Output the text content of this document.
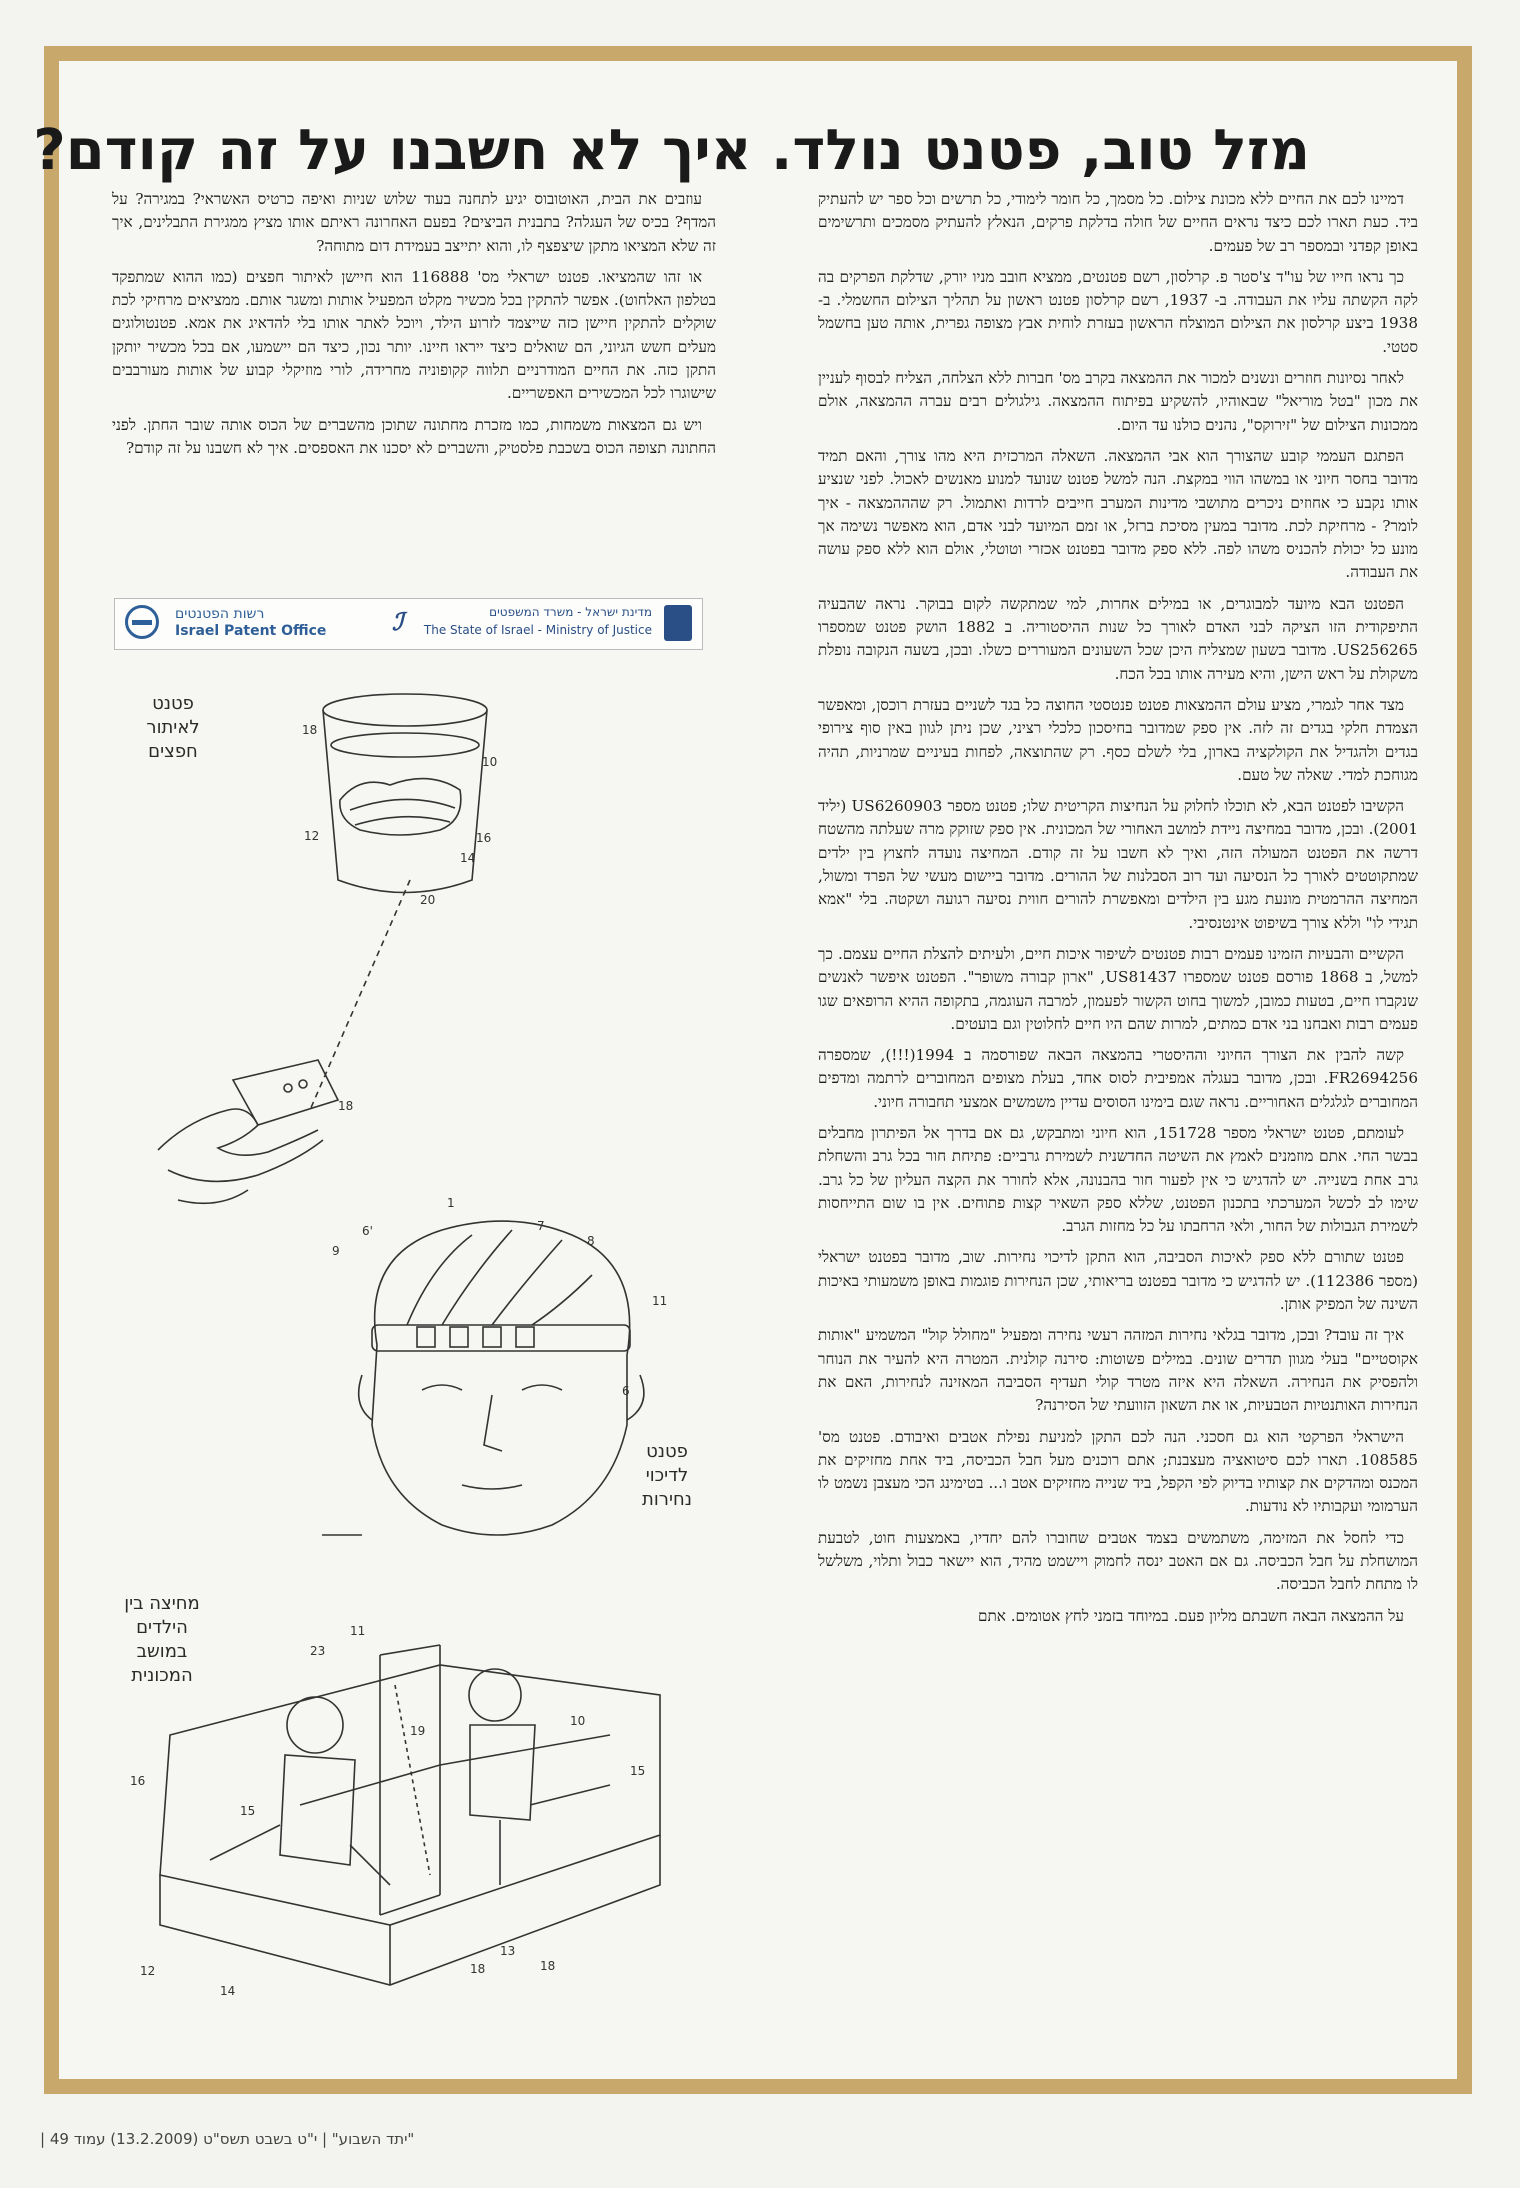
מזל טוב, פטנט נולד. איך לא חשבנו על זה קודם?

דמיינו לכם את החיים ללא מכונת צילום. כל מסמך, כל חומר לימודי, כל תרשים וכל ספר יש להעתיק ביד. כעת תארו לכם כיצד נראים החיים של חולה בדלקת פרקים, הנאלץ להעתיק מסמכים ותרשימים באופן קפדני ובמספר רב של פעמים.

כך נראו חייו של עו"ד צ'סטר פ. קרלסון, רשם פטנטים, ממציא חובב מניו יורק, שדלקת הפרקים בה לקה הקשתה עליו את העבודה. ב- 1937, רשם קרלסון פטנט ראשון על תהליך הצילום החשמלי. ב- 1938 ביצע קרלסון את הצילום המוצלח הראשון בעזרת לוחית אבץ מצופה גפרית, אותה טען בחשמל סטטי.

לאחר נסיונות חוזרים ונשנים למכור את ההמצאה בקרב מס' חברות ללא הצלחה, הצליח לבסוף לעניין את מכון "בטל מוריאל" שבאוהיו, להשקיע בפיתוח ההמצאה. גילגולים רבים עברה ההמצאה, אולם ממכונות הצילום של "זירוקס", נהנים כולנו עד היום.

הפתגם העממי קובע שהצורך הוא אבי ההמצאה. השאלה המרכזית היא מהו צורך, והאם תמיד מדובר בחסר חיוני או במשהו הווי במקצת. הנה למשל פטנט שנועד למנוע מאנשים לאכול. לפני שנציע אותו נקבע כי אחוזים ניכרים מתושבי מדינות המערב חייבים לרדות ואתמול. רק שהההמצאה - איך לומר? - מרחיקת לכת. מדובר במעין מסיכת ברזל, או זמם המיועד לבני אדם, הוא מאפשר נשימה אך מונע כל יכולת להכניס משהו לפה. ללא ספק מדובר בפטנט אכזרי וטוטלי, אולם הוא ללא ספק עושה את העבודה.

הפטנט הבא מיועד למבוגרים, או במילים אחרות, למי שמתקשה לקום בבוקר. נראה שהבעיה התיפקודית הזו הציקה לבני האדם לאורך כל שנות ההיסטוריה. ב 1882 הושק פטנט שמספרו US256265. מדובר בשעון שמצליח היכן שכל השעונים המעוררים כשלו. ובכן, בשעה הנקובה נופלת משקולת על ראש הישן, והיא מעירה אותו בכל הכח.

מצד אחר לגמרי, מציע עולם ההמצאות פטנט פנטסטי החוצה כל בגד לשניים בעזרת רוכסן, ומאפשר הצמדת חלקי בגדים זה לזה. אין ספק שמדובר בחיסכון כלכלי רציני, שכן ניתן לגוון באין סוף צירופי בגדים ולהגדיל את הקולקציה בארון, בלי לשלם כסף. רק שהתוצאה, לפחות בעיניים שמרניות, תהיה מגוחכת למדי. שאלה של טעם.

הקשיבו לפטנט הבא, לא תוכלו לחלוק על הנחיצות הקריטית שלו; פטנט מספר US6260903 (יליד 2001). ובכן, מדובר במחיצה ניידת למושב האחורי של המכונית. אין ספק שזוקק מרה שעלתה מהשטח דרשה את הפטנט המעולה הזה, ואיך לא חשבו על זה קודם. המחיצה נועדה לחצוץ בין ילדים שמתקוטטים לאורך כל הנסיעה ועד רוב הסבלנות של ההורים. מדובר ביישום מעשי של הפרד ומשול, המחיצה ההרמטית מונעת מגע בין הילדים ומאפשרת להורים חווית נסיעה רגועה ושקטה. בלי "אמא תגידי לו" וללא צורך בשיפוט אינטנסיבי.

הקשיים והבעיות הזמינו פעמים רבות פטנטים לשיפור איכות חיים, ולעיתים להצלת החיים עצמם. כך למשל, ב 1868 פורסם פטנט שמספרו US81437, "ארון קבורה משופר". הפטנט איפשר לאנשים שנקברו חיים, בטעות כמובן, למשוך בחוט הקשור לפעמון, למרבה העוגמה, בתקופה ההיא הרופאים שגו פעמים רבות ואבחנו בני אדם כמתים, למרות שהם היו חיים לחלוטין וגם בועטים.

קשה להבין את הצורך החיוני וההיסטרי בהמצאה הבאה שפורסמה ב 1994(!!!), שמספרה FR2694256. ובכן, מדובר בעגלה אמפיבית לסוס אחד, בעלת מצופים המחוברים לרתמה ומדפים המחוברים לגלגלים האחוריים. נראה שגם בימינו הסוסים עדיין משמשים אמצעי תחבורה חיוני.

לעומתם, פטנט ישראלי מספר 151728, הוא חיוני ומתבקש, גם אם בדרך אל הפיתרון מחבלים בבשר החי. אתם מוזמנים לאמץ את השיטה החדשנית לשמירת גרביים: פתיחת חור בכל גרב והשחלת גרב אחת בשנייה. יש להדגיש כי אין לפעור חור בהבנונה, אלא לחורר את הקצה העליון של כל גרב. שימו לב לכשל המערכתי בתכנון הפטנט, שללא ספק השאיר קצות פתוחים. אין בו שום התייחסות לשמירת הגבולות של החור, ולאי הרחבתו על כל מחזות הגרב.

פטנט שתורם ללא ספק לאיכות הסביבה, הוא התקן לדיכוי נחירות. שוב, מדובר בפטנט ישראלי (מספר 112386). יש להדגיש כי מדובר בפטנט בריאותי, שכן הנחירות פוגמות באופן משמעותי באיכות השינה של המפיק אותן.

איך זה עובד? ובכן, מדובר בגלאי נחירות המזהה רעשי נחירה ומפעיל "מחולל קול" המשמיע "אותות אקוסטיים" בעלי מגוון תדרים שונים. במילים פשוטות: סירנה קולנית. המטרה היא להעיר את הנוחר ולהפסיק את הנחירה. השאלה היא איזה מטרד קולי תעדיף הסביבה המאזינה לנחירות, האם את הנחירות האותנטיות הטבעיות, או את השאון הזוועתי של הסירנה?

הישראלי הפרקטי הוא גם חסכני. הנה לכם התקן למניעת נפילת אטבים ואיבודם. פטנט מס' 108585. תארו לכם סיטואציה מעצבנת; אתם רוכנים מעל חבל הכביסה, ביד אחת מחזיקים את המכנס ומהדקים את קצותיו בדיוק לפי הקפל, ביד שנייה מחזיקים אטב ו... בטימינג הכי מעצבן נשמט לו הערמומי ועקבותיו לא נודעות.

כדי לחסל את המזימה, משתמשים בצמד אטבים שחוברו להם יחדיו, באמצעות חוט, לטבעת המושחלת על חבל הכביסה. גם אם האטב ינסה לחמוק ויישמט מהיד, הוא יישאר כבול ותלוי, משלשל לו מתחת לחבל הכביסה.

על ההמצאה הבאה חשבתם מליון פעם. במיוחד בזמני לחץ אטומים. אתם

עוזבים את הבית, האוטובוס יגיע לתחנה בעוד שלוש שניות ואיפה כרטיס האשראי? במגירה? על המדף? בכיס של העגלה? בתבנית הביצים? בפעם האחרונה ראיתם אותו מציץ ממגירת התבלינים, איך זה שלא המציאו מתקן שיצפצף לו, והוא יתייצב בעמידת דום מתוחה?

או זהו שהמציאו. פטנט ישראלי מס' 116888 הוא חיישן לאיתור חפצים (כמו ההוא שמתפקד בטלפון האלחוט). אפשר להתקין בכל מכשיר מקלט המפעיל אותות ומשגר אותם. ממציאים מרחיקי לכת שוקלים להתקין חיישן כזה שייצמד לזרוע הילד, ויוכל לאתר אותו בלי להדאיג את אמא. פטנטולוגים מעלים חשש הגיוני, הם שואלים כיצד ייראו חיינו. יותר נכון, כיצד הם יישמעו, אם בכל מכשיר יותקן התקן כזה. את החיים המודרניים תלווה קקופוניה מחרידה, לורי מוזיקלי קבוע של אותות מעורבבים שישוגרו לכל המכשירים האפשריים.

ויש גם המצאות משמחות, כמו מזכרת מחתונה שתוכן מהשברים של הכוס אותה שובר החתן. לפני החתונה תצופה הכוס בשכבת פלסטיק, והשברים לא יסכנו את האספסים. איך לא חשבנו על זה קודם?

רשות הפטנטים
Israel Patent Office	ℐ	מדינת ישראל - משרד המשפטים
The State of Israel - Ministry of Justice
פטנט
לאיתור
חפצים
18
10
12	16
14
20
18
1
6'	7
8
9
11
6
פטנט
לדיכוי
נחירות
מחיצה בין
הילדים
במושב
המכונית
11
23
19
10
15
16
15
13
18	18
12
14
"יתד השבוע" | י"ט בשבט תשס"ט (13.2.2009) עמוד 49 |
